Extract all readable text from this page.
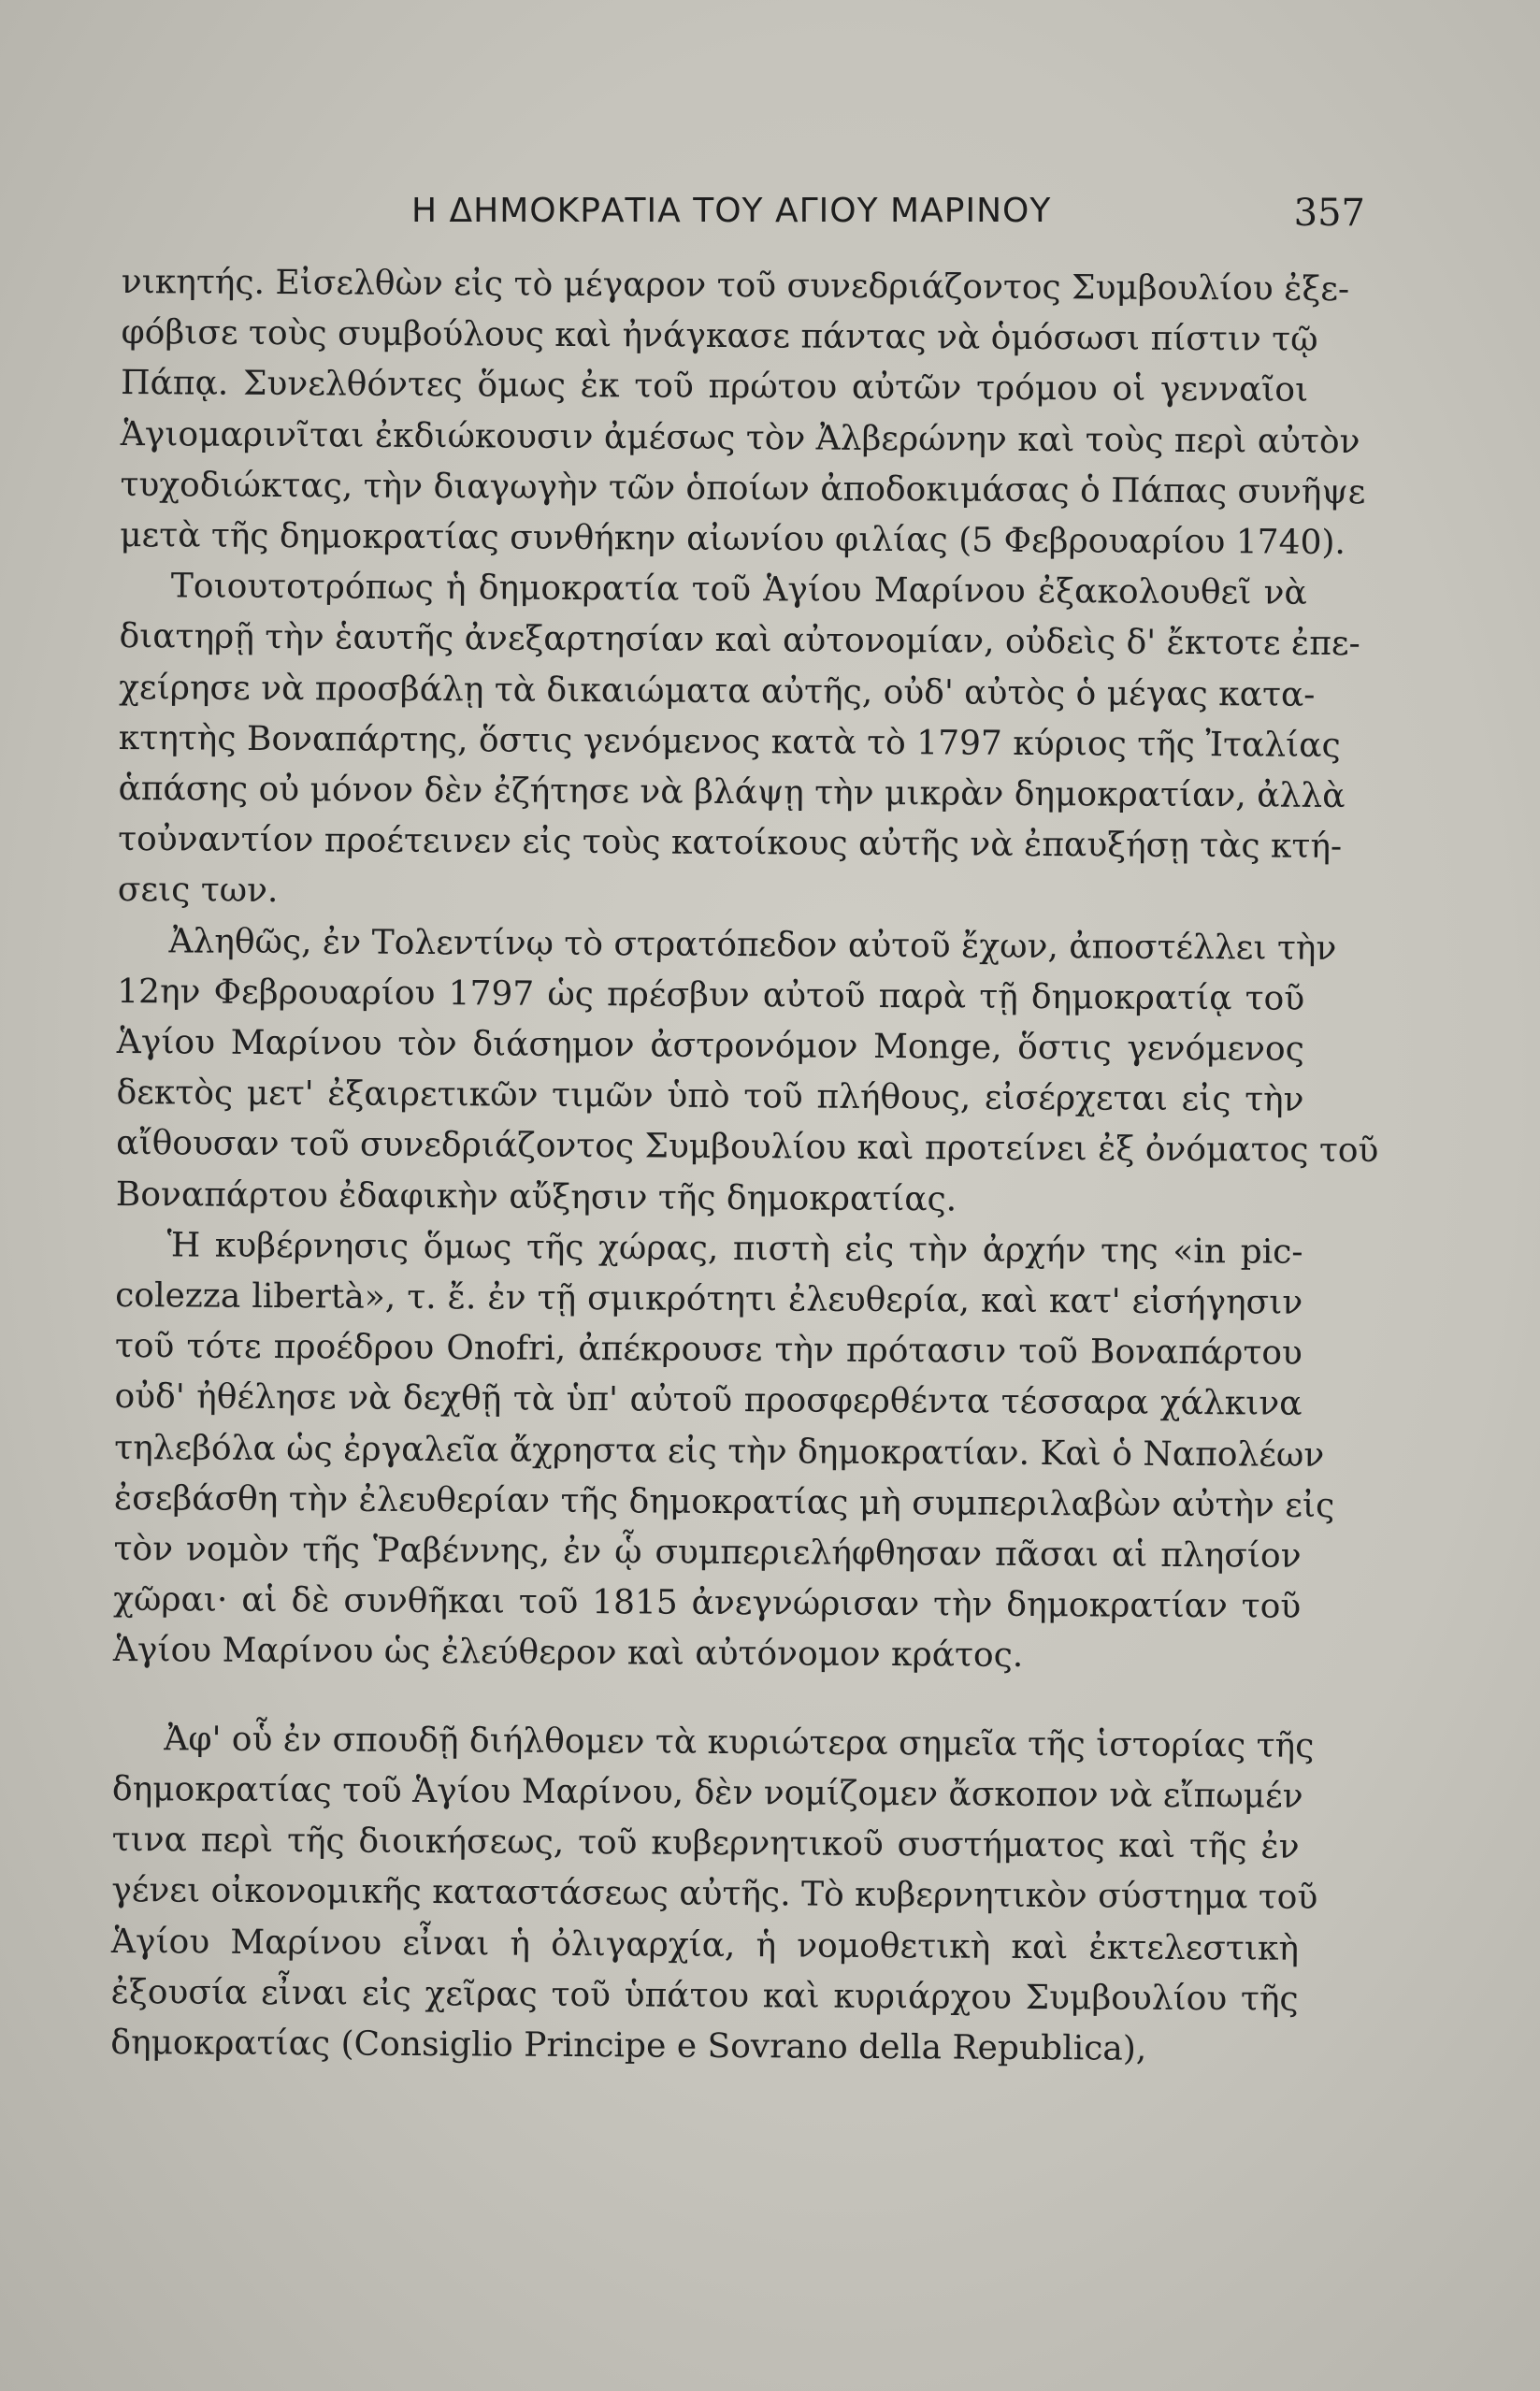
Η ΔΗΜΟΚΡΑΤΙΑ ΤΟΥ ΑΓΙΟΥ ΜΑΡΙΝΟΥ	357

νικητής. Εἰσελθὼν εἰς τὸ μέγαρον τοῦ συνεδριάζοντος Συμβουλίου ἐξε-
φόβισε τοὺς συμβούλους καὶ ἠνάγκασε πάντας νὰ ὁμόσωσι πίστιν τῷ
Πάπᾳ. Συνελθόντες ὅμως ἐκ τοῦ πρώτου αὐτῶν τρόμου οἱ γενναῖοι
Ἁγιομαρινῖται ἐκδιώκουσιν ἀμέσως τὸν Ἀλβερώνην καὶ τοὺς περὶ αὐτὸν
τυχοδιώκτας, τὴν διαγωγὴν τῶν ὁποίων ἀποδοκιμάσας ὁ Πάπας συνῆψε
μετὰ τῆς δημοκρατίας συνθήκην αἰωνίου φιλίας (5 Φεβρουαρίου 1740).

Τοιουτοτρόπως ἡ δημοκρατία τοῦ Ἁγίου Μαρίνου ἐξακολουθεῖ νὰ
διατηρῇ τὴν ἑαυτῆς ἀνεξαρτησίαν καὶ αὐτονομίαν, οὐδεὶς δ' ἔκτοτε ἐπε-
χείρησε νὰ προσβάλῃ τὰ δικαιώματα αὐτῆς, οὐδ' αὐτὸς ὁ μέγας κατα-
κτητὴς Βοναπάρτης, ὅστις γενόμενος κατὰ τὸ 1797 κύριος τῆς Ἰταλίας
ἁπάσης οὐ μόνον δὲν ἐζήτησε νὰ βλάψῃ τὴν μικρὰν δημοκρατίαν, ἀλλὰ
τοὐναντίον προέτεινεν εἰς τοὺς κατοίκους αὐτῆς νὰ ἐπαυξήσῃ τὰς κτή-
σεις των.

Ἀληθῶς, ἐν Τολεντίνῳ τὸ στρατόπεδον αὐτοῦ ἔχων, ἀποστέλλει τὴν
12ην Φεβρουαρίου 1797 ὡς πρέσβυν αὐτοῦ παρὰ τῇ δημοκρατίᾳ τοῦ
Ἁγίου Μαρίνου τὸν διάσημον ἀστρονόμον Monge, ὅστις γενόμενος
δεκτὸς μετ' ἐξαιρετικῶν τιμῶν ὑπὸ τοῦ πλήθους, εἰσέρχεται εἰς τὴν
αἴθουσαν τοῦ συνεδριάζοντος Συμβουλίου καὶ προτείνει ἐξ ὀνόματος τοῦ
Βοναπάρτου ἐδαφικὴν αὔξησιν τῆς δημοκρατίας.

Ἡ κυβέρνησις ὅμως τῆς χώρας, πιστὴ εἰς τὴν ἀρχήν της «in pic-
colezza libertà», τ. ἔ. ἐν τῇ σμικρότητι ἐλευθερία, καὶ κατ' εἰσήγησιν
τοῦ τότε προέδρου Onofri, ἀπέκρουσε τὴν πρότασιν τοῦ Βοναπάρτου
οὐδ' ἠθέλησε νὰ δεχθῇ τὰ ὑπ' αὐτοῦ προσφερθέντα τέσσαρα χάλκινα
τηλεβόλα ὡς ἐργαλεῖα ἄχρηστα εἰς τὴν δημοκρατίαν. Καὶ ὁ Ναπολέων
ἐσεβάσθη τὴν ἐλευθερίαν τῆς δημοκρατίας μὴ συμπεριλαβὼν αὐτὴν εἰς
τὸν νομὸν τῆς Ῥαβέννης, ἐν ᾧ συμπεριελήφθησαν πᾶσαι αἱ πλησίον
χῶραι· αἱ δὲ συνθῆκαι τοῦ 1815 ἀνεγνώρισαν τὴν δημοκρατίαν τοῦ
Ἁγίου Μαρίνου ὡς ἐλεύθερον καὶ αὐτόνομον κράτος.

Ἀφ' οὗ ἐν σπουδῇ διήλθομεν τὰ κυριώτερα σημεῖα τῆς ἱστορίας τῆς
δημοκρατίας τοῦ Ἁγίου Μαρίνου, δὲν νομίζομεν ἄσκοπον νὰ εἴπωμέν
τινα περὶ τῆς διοικήσεως, τοῦ κυβερνητικοῦ συστήματος καὶ τῆς ἐν
γένει οἰκονομικῆς καταστάσεως αὐτῆς. Τὸ κυβερνητικὸν σύστημα τοῦ
Ἁγίου Μαρίνου εἶναι ἡ ὀλιγαρχία, ἡ νομοθετικὴ καὶ ἐκτελεστικὴ
ἐξουσία εἶναι εἰς χεῖρας τοῦ ὑπάτου καὶ κυριάρχου Συμβουλίου τῆς
δημοκρατίας (Consiglio Principe e Sovrano della Republica),
